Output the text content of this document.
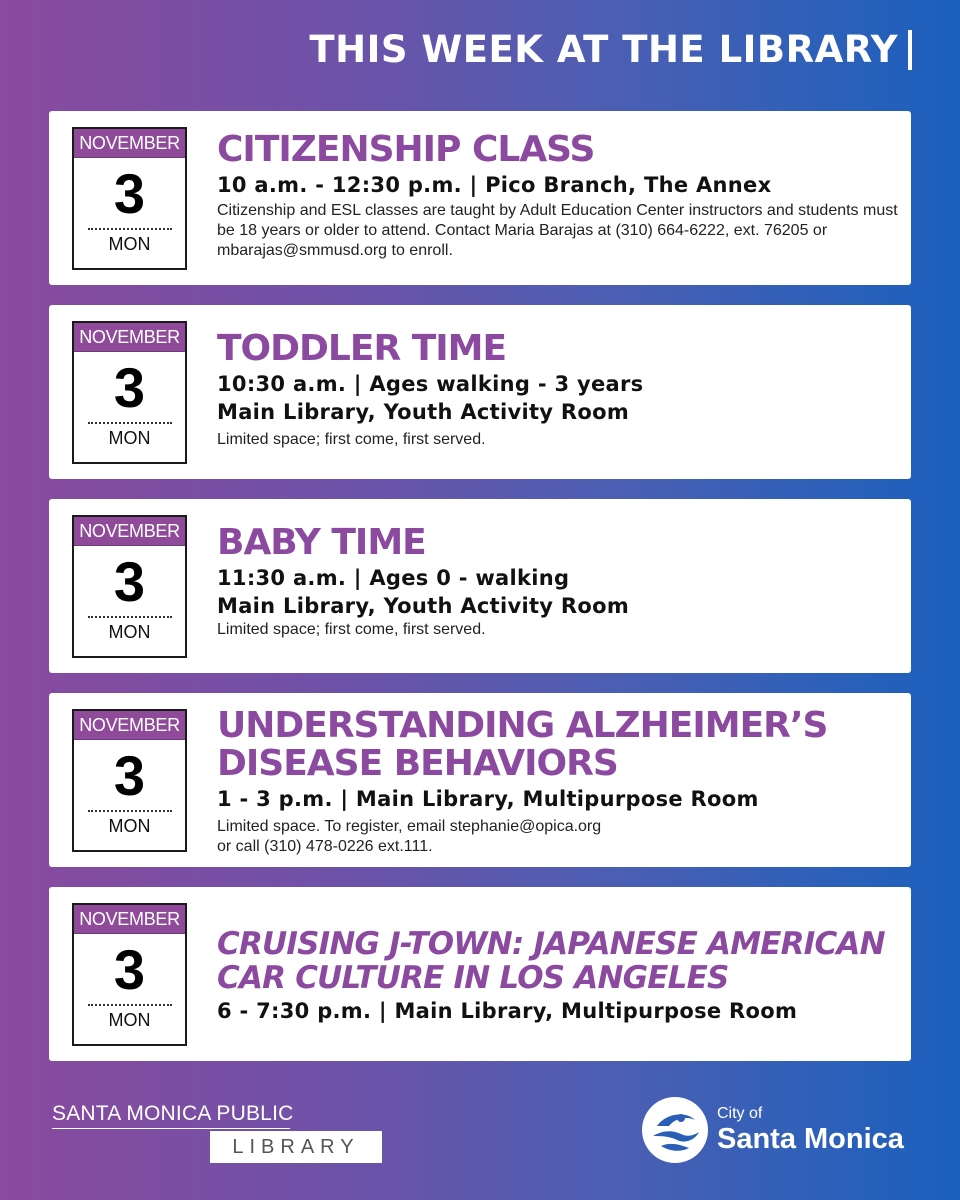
THIS WEEK AT THE LIBRARY
NOVEMBER
3
MON
CITIZENSHIP CLASS
10 a.m. - 12:30 p.m. | Pico Branch, The Annex
Citizenship and ESL classes are taught by Adult Education Center instructors and students must be 18 years or older to attend. Contact Maria Barajas at (310) 664-6222, ext. 76205 or mbarajas@smmusd.org to enroll.
NOVEMBER
3
MON
TODDLER TIME
10:30 a.m. | Ages walking - 3 years
Main Library, Youth Activity Room
Limited space; first come, first served.
NOVEMBER
3
MON
BABY TIME
11:30 a.m. | Ages 0 - walking
Main Library, Youth Activity Room
Limited space; first come, first served.
NOVEMBER
3
MON
UNDERSTANDING ALZHEIMER’S
DISEASE BEHAVIORS
1 - 3 p.m. | Main Library, Multipurpose Room
Limited space. To register, email stephanie@opica.org
or call (310) 478-0226 ext.111.
NOVEMBER
3
MON
CRUISING J-TOWN: JAPANESE AMERICAN
CAR CULTURE IN LOS ANGELES
6 - 7:30 p.m. | Main Library, Multipurpose Room
SANTA MONICA PUBLIC
LIBRARY
City of
Santa Monica
